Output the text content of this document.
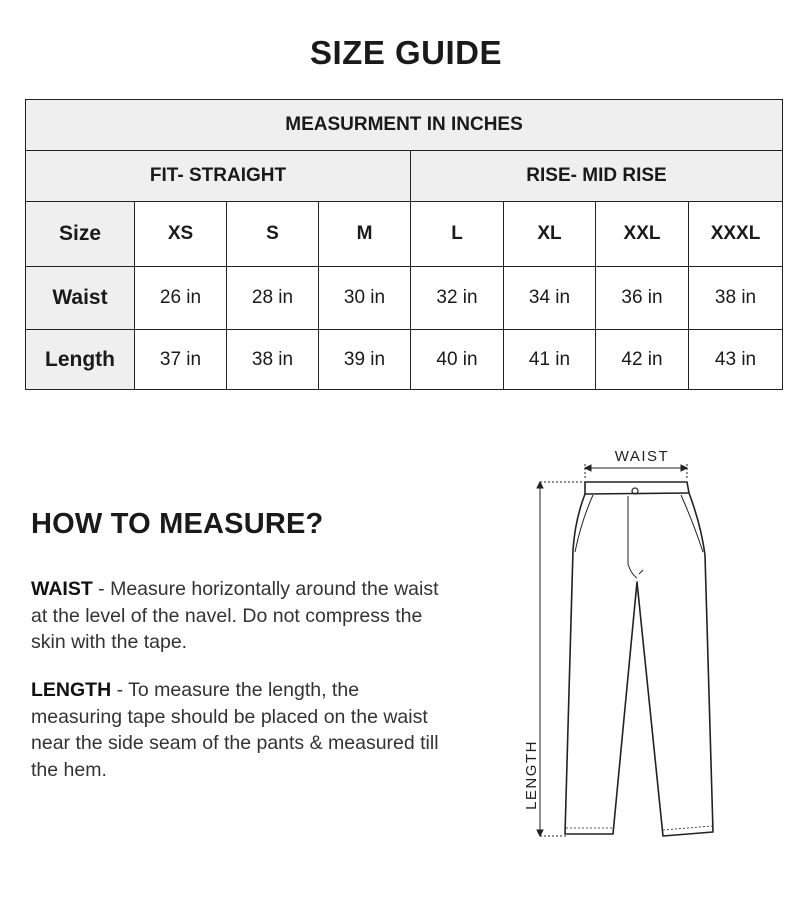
SIZE GUIDE
MEASURMENT IN INCHES							
FIT- STRAIGHT				RISE- MID RISE			
Size	XS	S	M	L	XL	XXL	XXXL
Waist	26 in	28 in	30 in	32 in	34 in	36 in	38 in
Length	37 in	38 in	39 in	40 in	41 in	42 in	43 in
HOW TO MEASURE?
WAIST - Measure horizontally around the waist at the level of the navel. Do not compress the skin with the tape.
LENGTH - To measure the length, the measuring tape should be placed on the waist near the side seam of the pants & measured till the hem.
WAIST
LENGTH
